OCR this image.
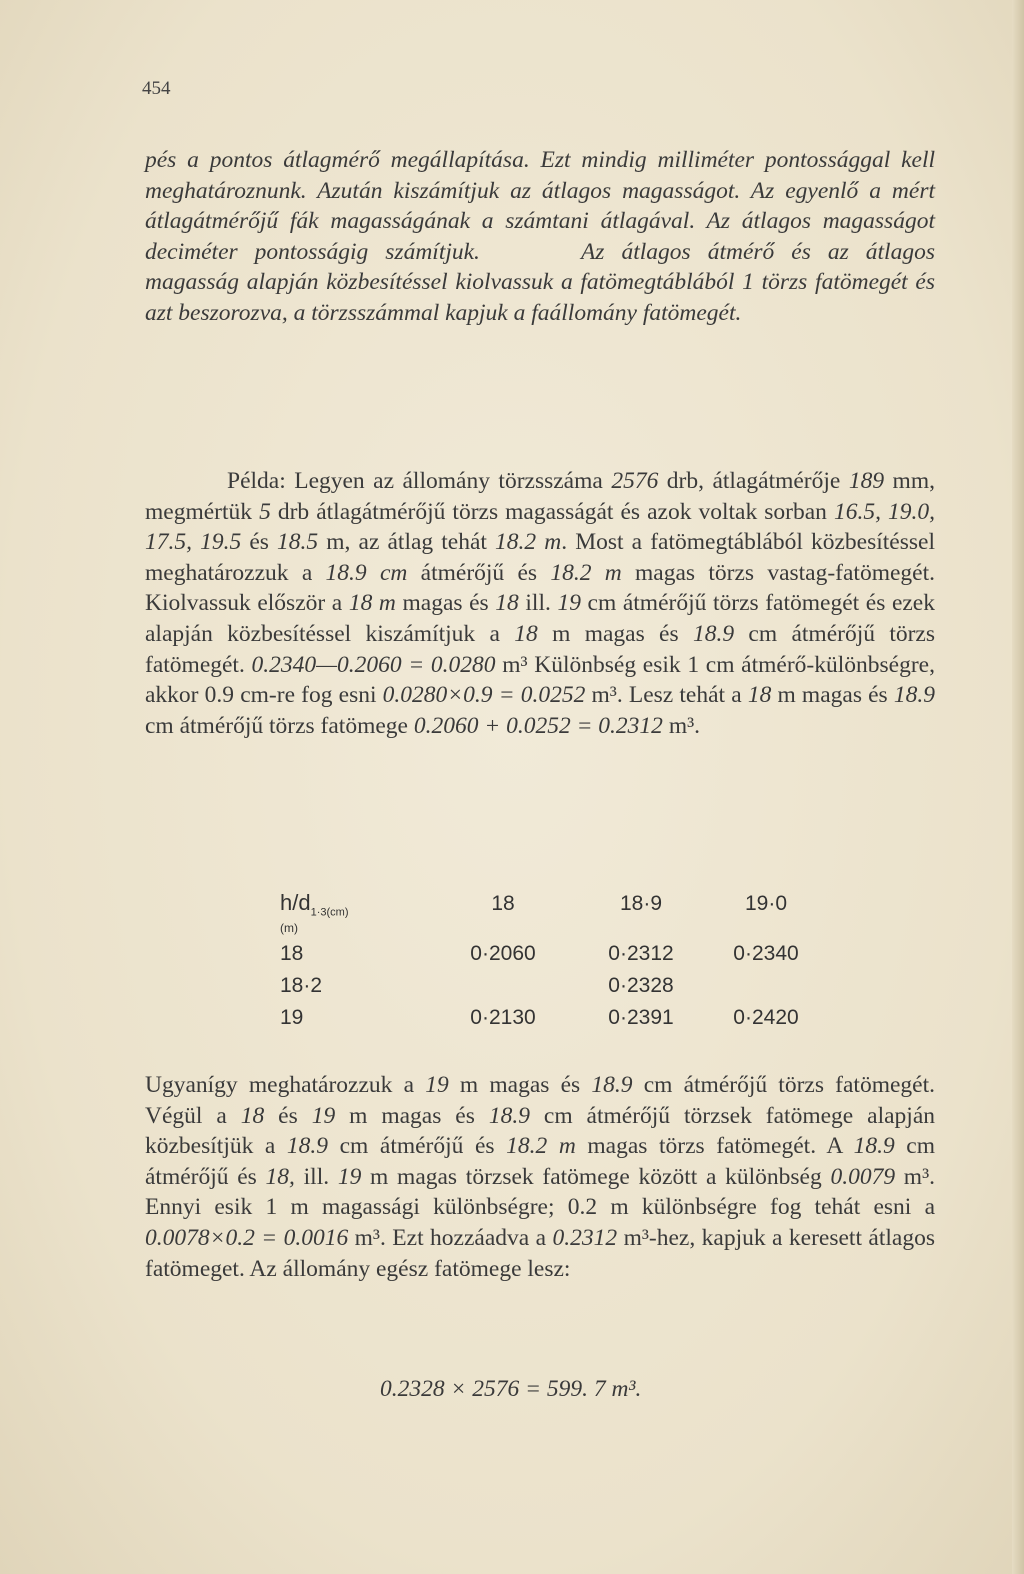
454

pés a pontos átlagmérő megállapítása. Ezt mindig milliméter pontossággal kell meghatároznunk. Azután kiszámítjuk az átlagos magasságot. Az egyenlő a mért átlagátmérőjű fák magasságának a számtani átlagával. Az átlagos magasságot deciméter pontosságig számítjuk.	Az átlagos átmérő és az átlagos magasság alapján közbesítéssel kiolvassuk a fatömegtáblából 1 törzs fatömegét és azt beszorozva, a törzsszámmal kapjuk a faállomány fatömegét.

Példa: Legyen az állomány törzsszáma 2576 drb, átlagátmérője 189 mm, megmértük 5 drb átlagátmérőjű törzs magasságát és azok voltak sorban 16.5, 19.0, 17.5, 19.5 és 18.5 m, az átlag tehát 18.2 m. Most a fatömegtáblából közbesítéssel meghatározzuk a 18.9 cm átmérőjű és 18.2 m magas törzs vastag-fatömegét. Kiolvassuk először a 18 m magas és 18 ill. 19 cm átmérőjű törzs fatömegét és ezek alapján közbesítéssel kiszámítjuk a 18 m magas és 18.9 cm átmérőjű törzs fatömegét. 0.2340—0.2060 = 0.0280 m³ Különbség esik 1 cm átmérő-különbségre, akkor 0.9 cm-re fog esni 0.0280×0.9 = 0.0252 m³. Lesz tehát a 18 m magas és 18.9 cm átmérőjű törzs fatömege 0.2060 + 0.0252 = 0.2312 m³.

$h/d_{1\cdot 3(cm)}$
(m)	18	18·9	19·0
18	0·2060	0·2312	0·2340
18·2		0·2328	
19	0·2130	0·2391	0·2420

Ugyanígy meghatározzuk a 19 m magas és 18.9 cm átmérőjű törzs fatömegét. Végül a 18 és 19 m magas és 18.9 cm átmérőjű törzsek fatömege alapján közbesítjük a 18.9 cm átmérőjű és 18.2 m magas törzs fatömegét. A 18.9 cm átmérőjű és 18, ill. 19 m magas törzsek fatömege között a különbség 0.0079 m³. Ennyi esik 1 m magassági különbségre; 0.2 m különbségre fog tehát esni a 0.0078×0.2 = 0.0016 m³. Ezt hozzáadva a 0.2312 m³-hez, kapjuk a keresett átlagos fatömeget. Az állomány egész fatömege lesz:

0.2328 × 2576 = 599. 7 m³.
